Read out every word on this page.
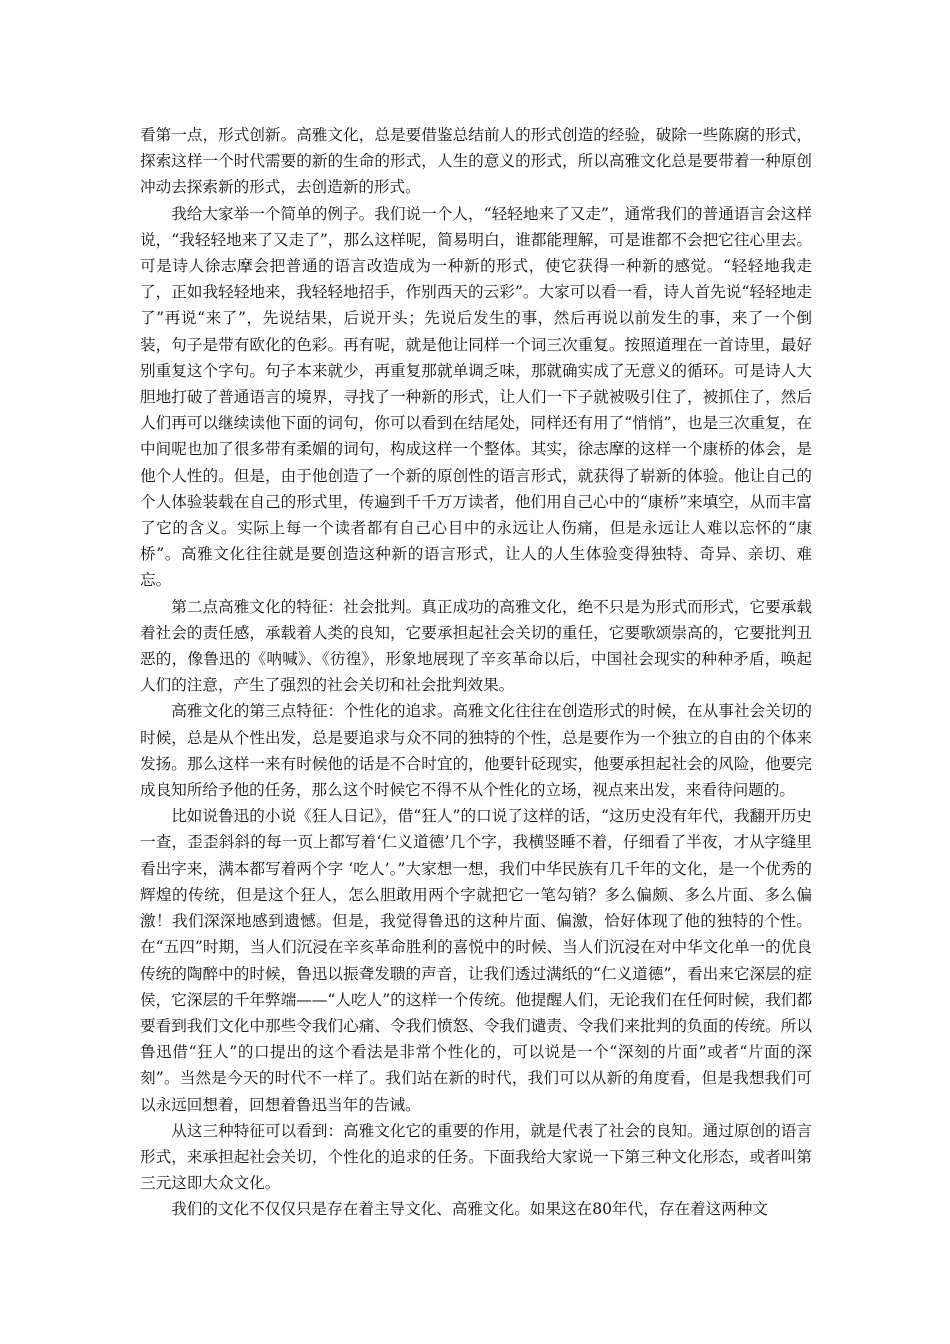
看第一点，形式创新。高雅文化，总是要借鉴总结前人的形式创造的经验，破除一些陈腐的形式，探索这样一个时代需要的新的生命的形式，人生的意义的形式，所以高雅文化总是要带着一种原创冲动去探索新的形式，去创造新的形式。

我给大家举一个简单的例子。我们说一个人，“轻轻地来了又走”，通常我们的普通语言会这样说，“我轻轻地来了又走了”，那么这样呢，简易明白，谁都能理解，可是谁都不会把它往心里去。可是诗人徐志摩会把普通的语言改造成为一种新的形式，使它获得一种新的感觉。“轻轻地我走了，正如我轻轻地来，我轻轻地招手，作别西天的云彩”。大家可以看一看，诗人首先说“轻轻地走了”再说“来了”，先说结果，后说开头；先说后发生的事，然后再说以前发生的事，来了一个倒装，句子是带有欧化的色彩。再有呢，就是他让同样一个词三次重复。按照道理在一首诗里，最好别重复这个字句。句子本来就少，再重复那就单调乏味，那就确实成了无意义的循环。可是诗人大胆地打破了普通语言的境界，寻找了一种新的形式，让人们一下子就被吸引住了，被抓住了，然后人们再可以继续读他下面的词句，你可以看到在结尾处，同样还有用了“悄悄”，也是三次重复，在中间呢也加了很多带有柔媚的词句，构成这样一个整体。其实，徐志摩的这样一个康桥的体会，是他个人性的。但是，由于他创造了一个新的原创性的语言形式，就获得了崭新的体验。他让自己的个人体验装载在自己的形式里，传遍到千千万万读者，他们用自己心中的“康桥”来填空，从而丰富了它的含义。实际上每一个读者都有自己心目中的永远让人伤痛，但是永远让人难以忘怀的“康桥”。高雅文化往往就是要创造这种新的语言形式，让人的人生体验变得独特、奇异、亲切、难忘。

第二点高雅文化的特征：社会批判。真正成功的高雅文化，绝不只是为形式而形式，它要承载着社会的责任感，承载着人类的良知，它要承担起社会关切的重任，它要歌颂崇高的，它要批判丑恶的，像鲁迅的《呐喊》、《彷徨》，形象地展现了辛亥革命以后，中国社会现实的种种矛盾，唤起人们的注意，产生了强烈的社会关切和社会批判效果。

高雅文化的第三点特征：个性化的追求。高雅文化往往在创造形式的时候，在从事社会关切的时候，总是从个性出发，总是要追求与众不同的独特的个性，总是要作为一个独立的自由的个体来发扬。那么这样一来有时候他的话是不合时宜的，他要针砭现实，他要承担起社会的风险，他要完成良知所给予他的任务，那么这个时候它不得不从个性化的立场，视点来出发，来看待问题的。

比如说鲁迅的小说《狂人日记》，借“狂人”的口说了这样的话，“这历史没有年代，我翻开历史一查，歪歪斜斜的每一页上都写着‘仁义道德’几个字，我横竖睡不着，仔细看了半夜，才从字缝里看出字来，满本都写着两个字 ‘吃人’。”大家想一想，我们中华民族有几千年的文化，是一个优秀的辉煌的传统，但是这个狂人，怎么胆敢用两个字就把它一笔勾销？多么偏颇、多么片面、多么偏激！我们深深地感到遗憾。但是，我觉得鲁迅的这种片面、偏激，恰好体现了他的独特的个性。在“五四”时期，当人们沉浸在辛亥革命胜利的喜悦中的时候、当人们沉浸在对中华文化单一的优良传统的陶醉中的时候，鲁迅以振聋发聩的声音，让我们透过满纸的“仁义道德”，看出来它深层的症侯，它深层的千年弊端——“人吃人”的这样一个传统。他提醒人们，无论我们在任何时候，我们都要看到我们文化中那些令我们心痛、令我们愤怒、令我们谴责、令我们来批判的负面的传统。所以鲁迅借“狂人”的口提出的这个看法是非常个性化的，可以说是一个“深刻的片面”或者“片面的深刻”。当然是今天的时代不一样了。我们站在新的时代，我们可以从新的角度看，但是我想我们可以永远回想着，回想着鲁迅当年的告诫。

从这三种特征可以看到：高雅文化它的重要的作用，就是代表了社会的良知。通过原创的语言形式，来承担起社会关切，个性化的追求的任务。下面我给大家说一下第三种文化形态，或者叫第三元这即大众文化。

我们的文化不仅仅只是存在着主导文化、高雅文化。如果这在80年代，存在着这两种文
